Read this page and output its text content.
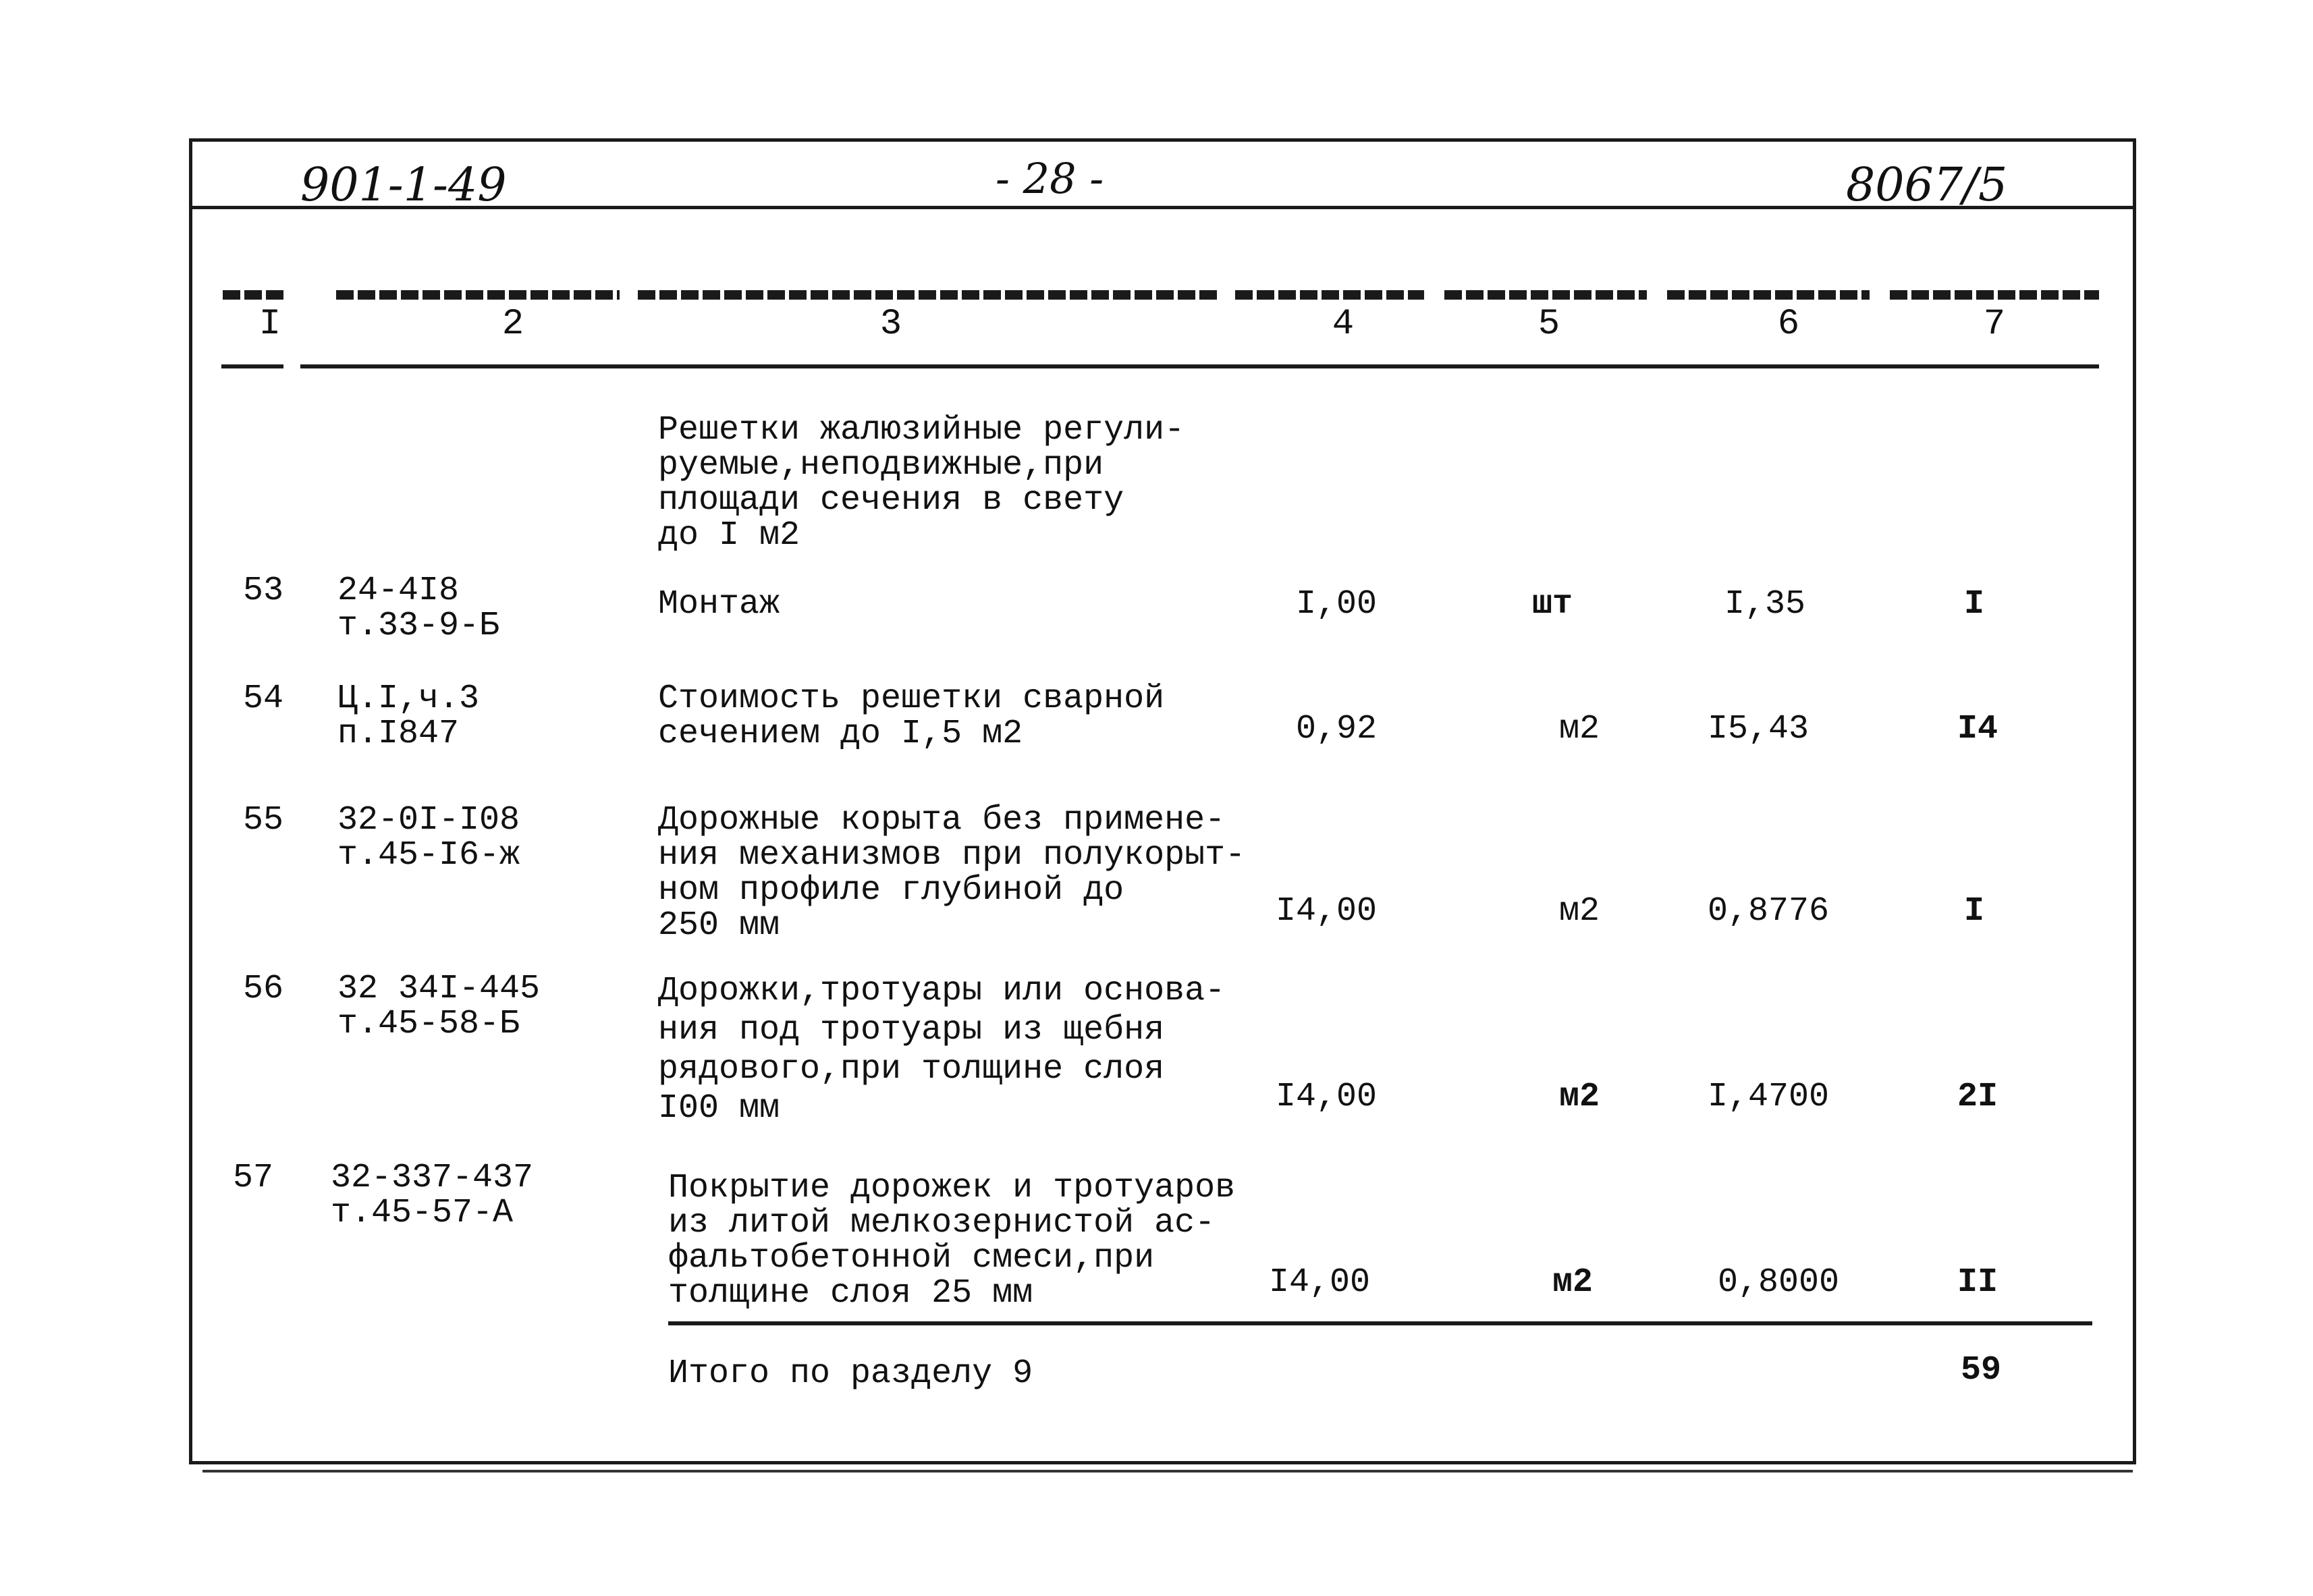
901-1-49	- 28 -	8067/5
I	2	3	4	5	6	7
Решетки жалюзийные регули-
руемые,неподвижные,при
площади сечения в свету
до I м2
53 24-4I8
т.33-9-Б
Монтаж	I,00	шт	I,35	I
54 Ц.I,ч.3
п.I847
Стоимость решетки сварной
сечением до I,5 м2	0,92	м2	I5,43	I4
55 32-0I-I08
т.45-I6-ж
Дорожные корыта без примене-
ния механизмов при полукорыт-
ном профиле глубиной до
250 мм	I4,00	м2	0,8776	I
56 32 34I-445
т.45-58-Б
Дорожки,тротуары или основа-
ния под тротуары из щебня
рядового,при толщине слоя
I00 мм	I4,00	м2	I,4700	2I
57 32-337-437
т.45-57-А
Покрытие дорожек и тротуаров
из литой мелкозернистой ас-
фальтобетонной смеси,при
толщине слоя 25 мм	I4,00	м2	0,8000	II
Итого по разделу 9	59
